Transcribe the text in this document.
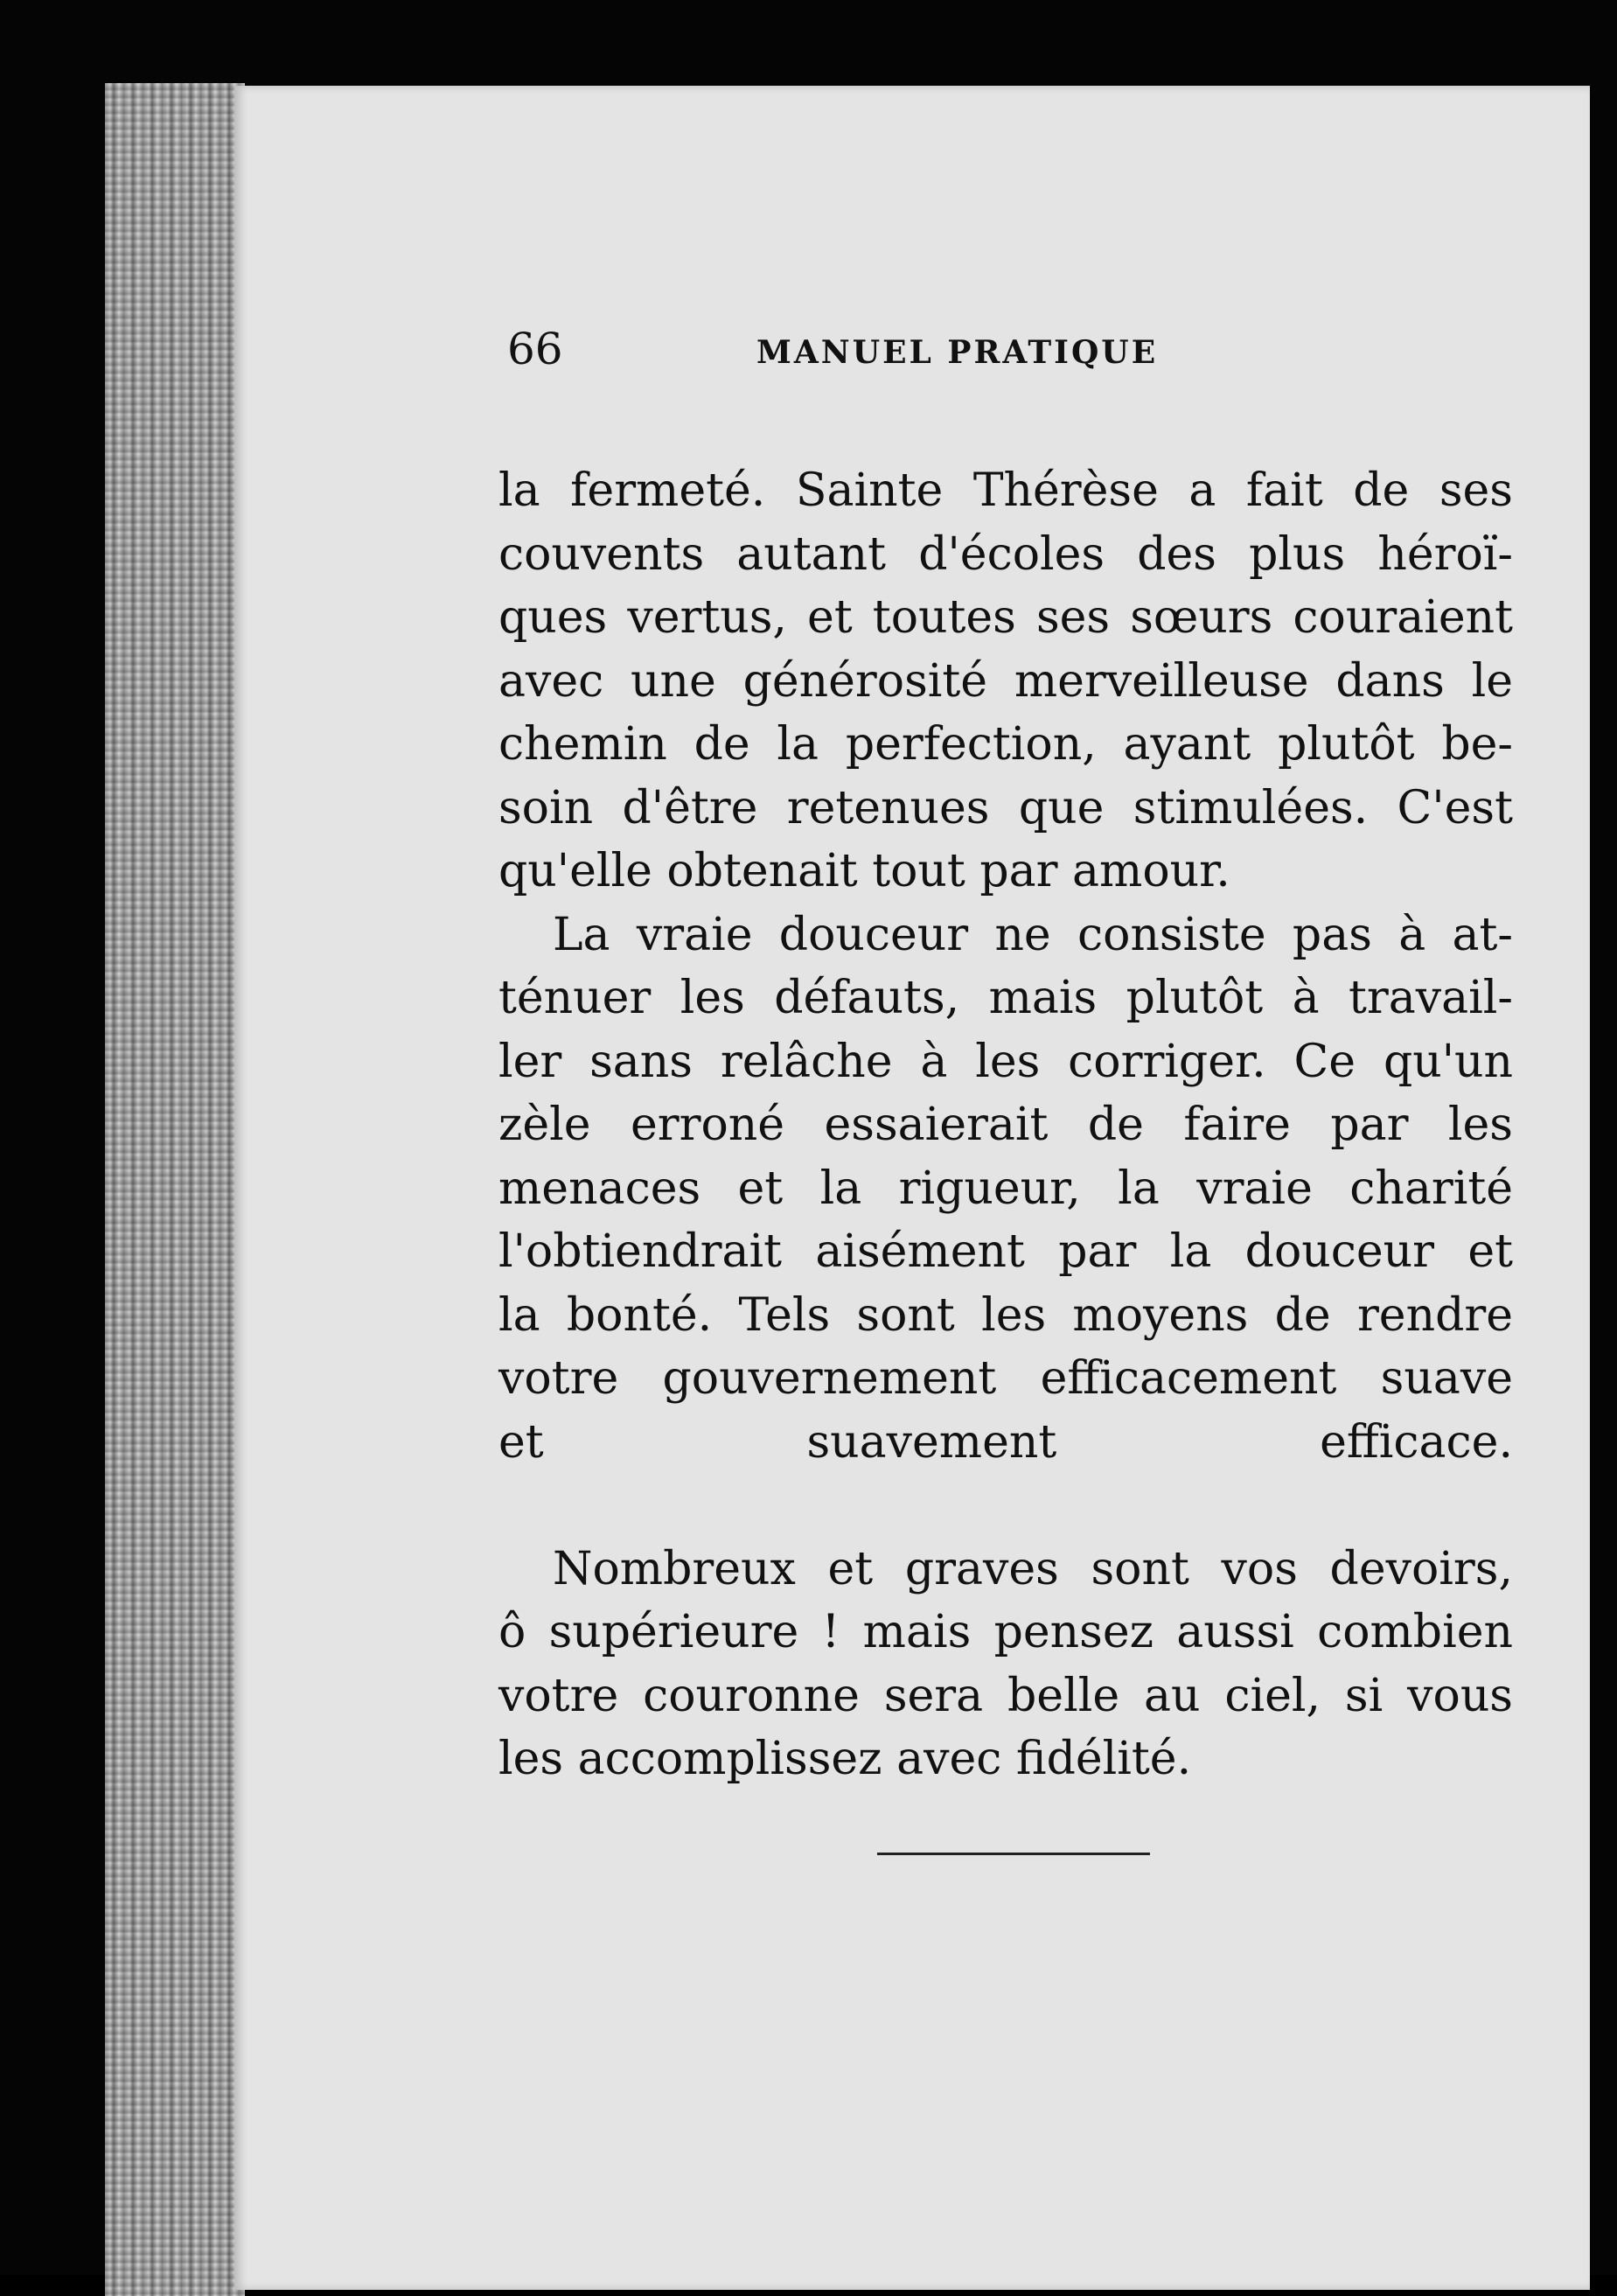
66	MANUEL PRATIQUE

la fermeté. Sainte Thérèse a fait de ses
couvents autant d'écoles des plus héroï-
ques vertus, et toutes ses sœurs couraient
avec une générosité merveilleuse dans le
chemin de la perfection, ayant plutôt be-
soin d'être retenues que stimulées. C'est
qu'elle obtenait tout par amour.

La vraie douceur ne consiste pas à at-
ténuer les défauts, mais plutôt à travail-
ler sans relâche à les corriger. Ce qu'un
zèle erroné essaierait de faire par les
menaces et la rigueur, la vraie charité
l'obtiendrait aisément par la douceur et
la bonté. Tels sont les moyens de rendre
votre gouvernement efficacement suave
et suavement efficace.

Nombreux et graves sont vos devoirs,
ô supérieure ! mais pensez aussi combien
votre couronne sera belle au ciel, si vous
les accomplissez avec fidélité.
